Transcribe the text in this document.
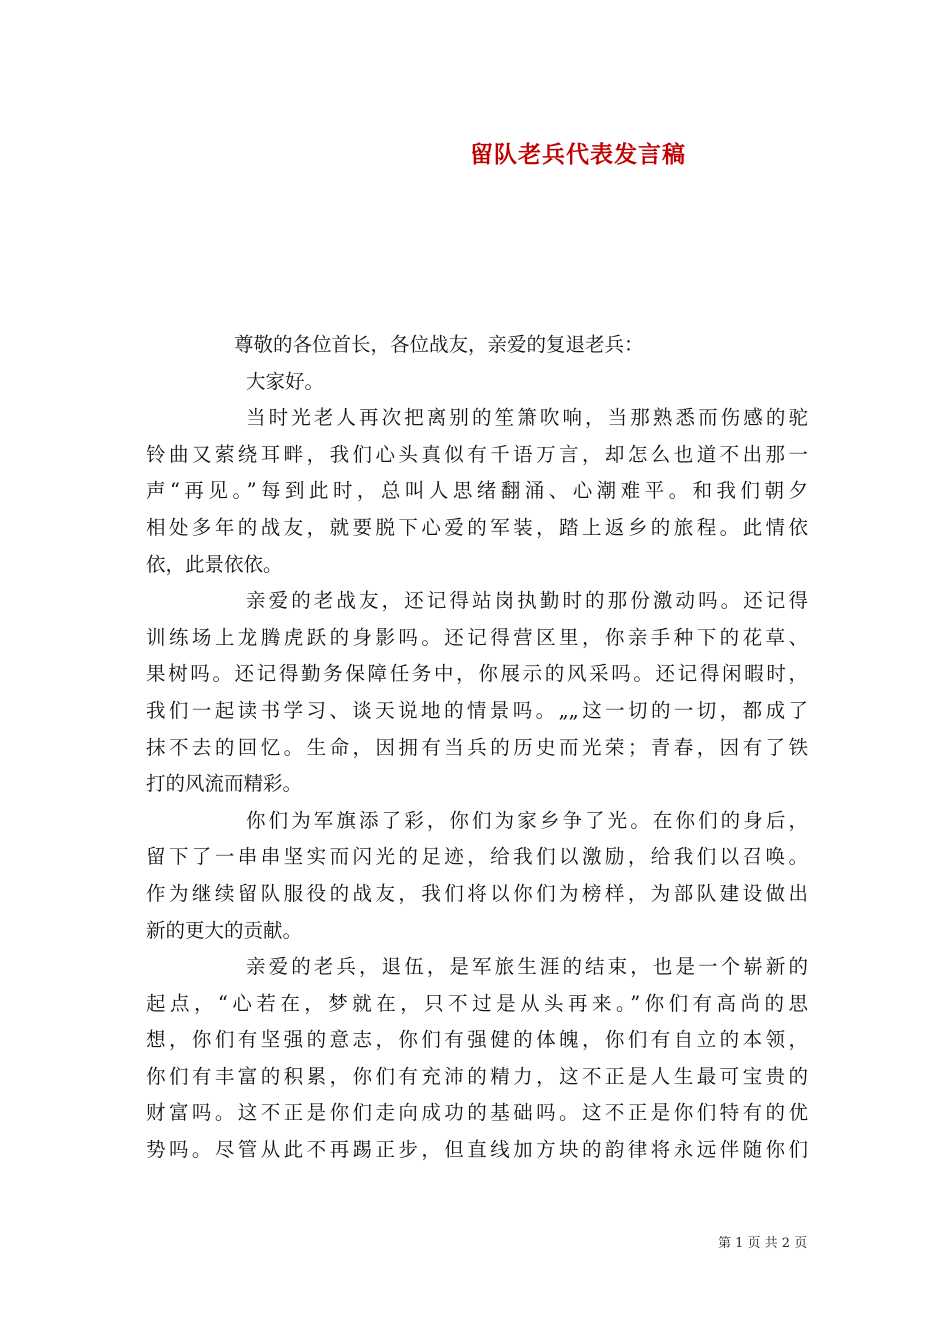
留队老兵代表发言稿
尊敬的各位首长，各位战友，亲爱的复退老兵：
大家好。
当时光老人再次把离别的笙箫吹响，当那熟悉而伤感的驼
铃曲又萦绕耳畔，我们心头真似有千语万言，却怎么也道不出那一
声“再见。”每到此时，总叫人思绪翻涌、心潮难平。和我们朝夕
相处多年的战友，就要脱下心爱的军装，踏上返乡的旅程。此情依
依，此景依依。
亲爱的老战友，还记得站岗执勤时的那份激动吗。还记得
训练场上龙腾虎跃的身影吗。还记得营区里，你亲手种下的花草、
果树吗。还记得勤务保障任务中，你展示的风采吗。还记得闲暇时，
我们一起读书学习、谈天说地的情景吗。„„这一切的一切，都成了
抹不去的回忆。生命，因拥有当兵的历史而光荣；青春，因有了铁
打的风流而精彩。
你们为军旗添了彩，你们为家乡争了光。在你们的身后，
留下了一串串坚实而闪光的足迹，给我们以激励，给我们以召唤。
作为继续留队服役的战友，我们将以你们为榜样，为部队建设做出
新的更大的贡献。
亲爱的老兵，退伍，是军旅生涯的结束，也是一个崭新的
起点，“心若在，梦就在，只不过是从头再来。”你们有高尚的思
想，你们有坚强的意志，你们有强健的体魄，你们有自立的本领，
你们有丰富的积累，你们有充沛的精力，这不正是人生最可宝贵的
财富吗。这不正是你们走向成功的基础吗。这不正是你们特有的优
势吗。尽管从此不再踢正步，但直线加方块的韵律将永远伴随你们
第 1 页 共 2 页
